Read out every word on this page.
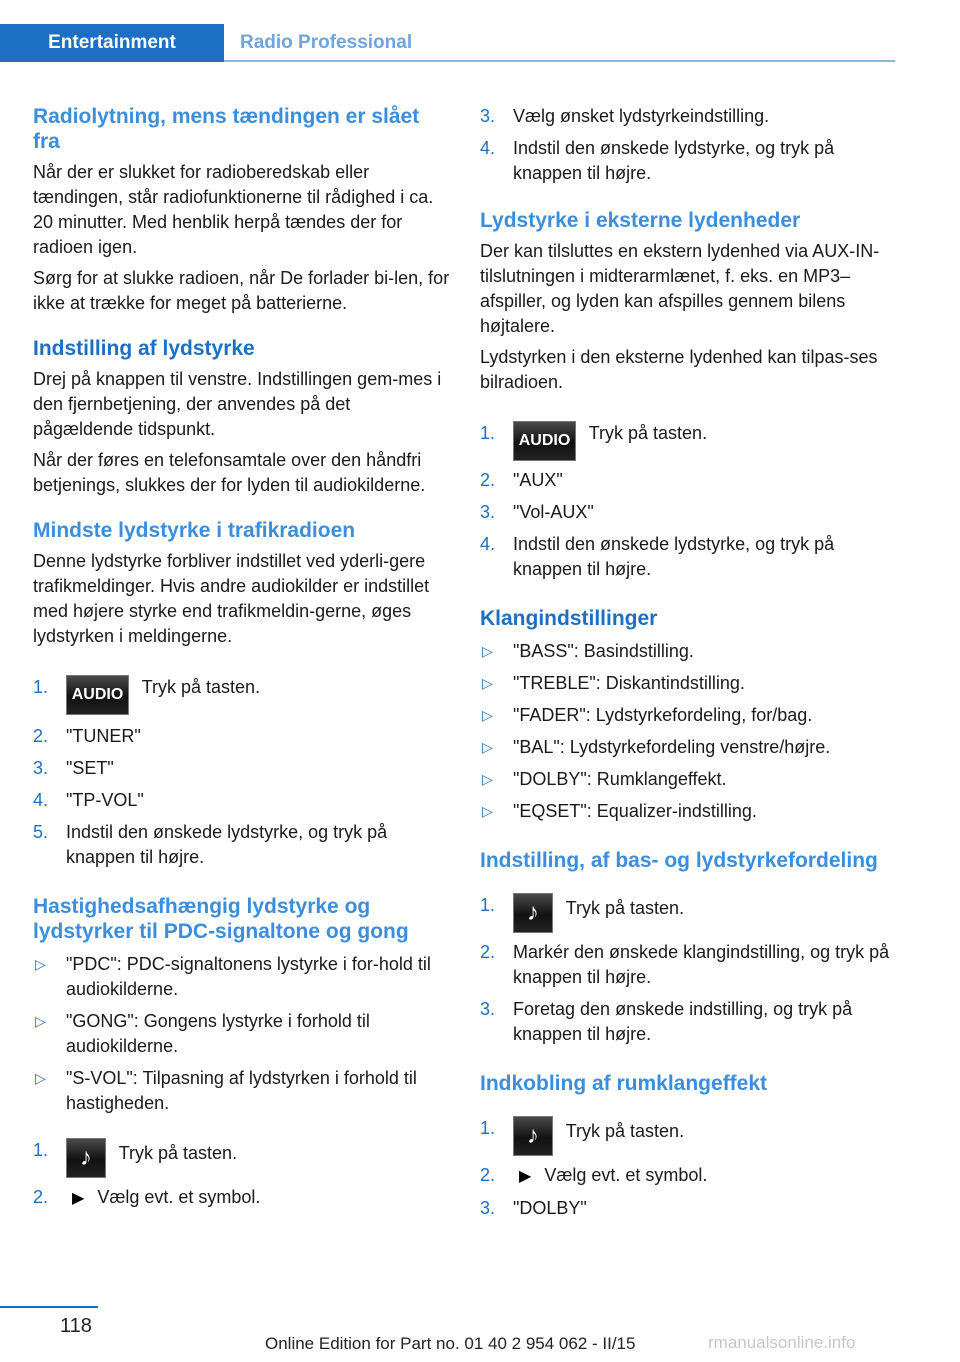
Entertainment	Radio Professional
Radiolytning, mens tændingen er slået fra
Når der er slukket for radioberedskab eller tændingen, står radiofunktionerne til rådighed i ca. 20 minutter. Med henblik herpå tændes der for radioen igen.
Sørg for at slukke radioen, når De forlader bi-len, for ikke at trække for meget på batterierne.
Indstilling af lydstyrke
Drej på knappen til venstre. Indstillingen gem-mes i den fjernbetjening, der anvendes på det pågældende tidspunkt.
Når der føres en telefonsamtale over den håndfri betjenings, slukkes der for lyden til audiokilderne.
Mindste lydstyrke i trafikradioen
Denne lydstyrke forbliver indstillet ved yderli-gere trafikmeldinger. Hvis andre audiokilder er indstillet med højere styrke end trafikmeldin-gerne, øges lydstyrken i meldingerne.
1. AUDIO Tryk på tasten.
2. "TUNER"
3. "SET"
4. "TP-VOL"
5. Indstil den ønskede lydstyrke, og tryk på knappen til højre.
Hastighedsafhængig lydstyrke og lydstyrker til PDC-signaltone og gong
▷ "PDC": PDC-signaltonens lystyrke i for-hold til audiokilderne.
▷ "GONG": Gongens lystyrke i forhold til audiokilderne.
▷ "S-VOL": Tilpasning af lydstyrken i forhold til hastigheden.
1. ♪ Tryk på tasten.
2. ▶ Vælg evt. et symbol.
3. Vælg ønsket lydstyrkeindstilling.
4. Indstil den ønskede lydstyrke, og tryk på knappen til højre.
Lydstyrke i eksterne lydenheder
Der kan tilsluttes en ekstern lydenhed via AUX-IN-tilslutningen i midterarmlænet, f. eks. en MP3–afspiller, og lyden kan afspilles gennem bilens højtalere.
Lydstyrken i den eksterne lydenhed kan tilpas-ses bilradioen.
1. AUDIO Tryk på tasten.
2. "AUX"
3. "Vol-AUX"
4. Indstil den ønskede lydstyrke, og tryk på knappen til højre.
Klangindstillinger
▷ "BASS": Basindstilling.
▷ "TREBLE": Diskantindstilling.
▷ "FADER": Lydstyrkefordeling, for/bag.
▷ "BAL": Lydstyrkefordeling venstre/højre.
▷ "DOLBY": Rumklangeffekt.
▷ "EQSET": Equalizer-indstilling.
Indstilling, af bas- og lydstyrkefordeling
1. ♪ Tryk på tasten.
2. Markér den ønskede klangindstilling, og tryk på knappen til højre.
3. Foretag den ønskede indstilling, og tryk på knappen til højre.
Indkobling af rumklangeffekt
1. ♪ Tryk på tasten.
2. ▶ Vælg evt. et symbol.
3. "DOLBY"
118
Online Edition for Part no. 01 40 2 954 062 - II/15	rmanualsonline.info
